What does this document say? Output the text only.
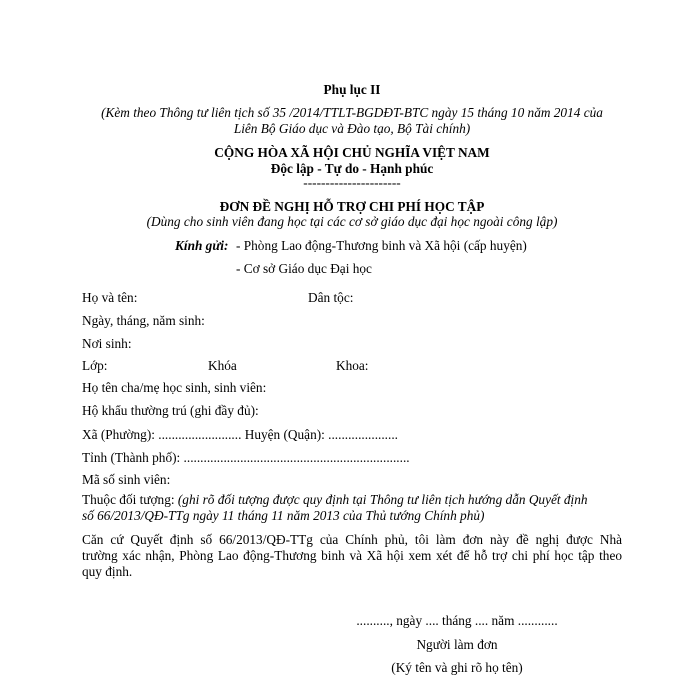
Phụ lục II
(Kèm theo Thông tư liên tịch số 35 /2014/TTLT-BGDĐT-BTC ngày 15 tháng 10 năm 2014 của
Liên Bộ Giáo dục và Đào tạo, Bộ Tài chính)
CỘNG HÒA XÃ HỘI CHỦ NGHĨA VIỆT NAM
Độc lập - Tự do - Hạnh phúc
----------------------
ĐƠN ĐỀ NGHỊ HỖ TRỢ CHI PHÍ HỌC TẬP
(Dùng cho sinh viên đang học tại các cơ sở giáo dục đại học ngoài công lập)
Kính gửi: - Phòng Lao động-Thương binh và Xã hội (cấp huyện)
- Cơ sở Giáo dục Đại học
Họ và tên:	Dân tộc:
Ngày, tháng, năm sinh:
Nơi sinh:
Lớp:	Khóa	Khoa:
Họ tên cha/mẹ học sinh, sinh viên:
Hộ khẩu thường trú (ghi đầy đủ):
Xã (Phường): ......................... Huyện (Quận): .....................
Tỉnh (Thành phố): ....................................................................
Mã số sinh viên:
Thuộc đối tượng: (ghi rõ đối tượng được quy định tại Thông tư liên tịch hướng dẫn Quyết định
số 66/2013/QĐ-TTg ngày 11 tháng 11 năm 2013 của Thủ tướng Chính phủ)
Căn cứ Quyết định số 66/2013/QĐ-TTg của Chính phủ, tôi làm đơn này đề nghị được Nhà
trường xác nhận, Phòng Lao động-Thương binh và Xã hội xem xét để hỗ trợ chi phí học tập theo
quy định.
.........., ngày .... tháng .... năm ............
Người làm đơn
(Ký tên và ghi rõ họ tên)
